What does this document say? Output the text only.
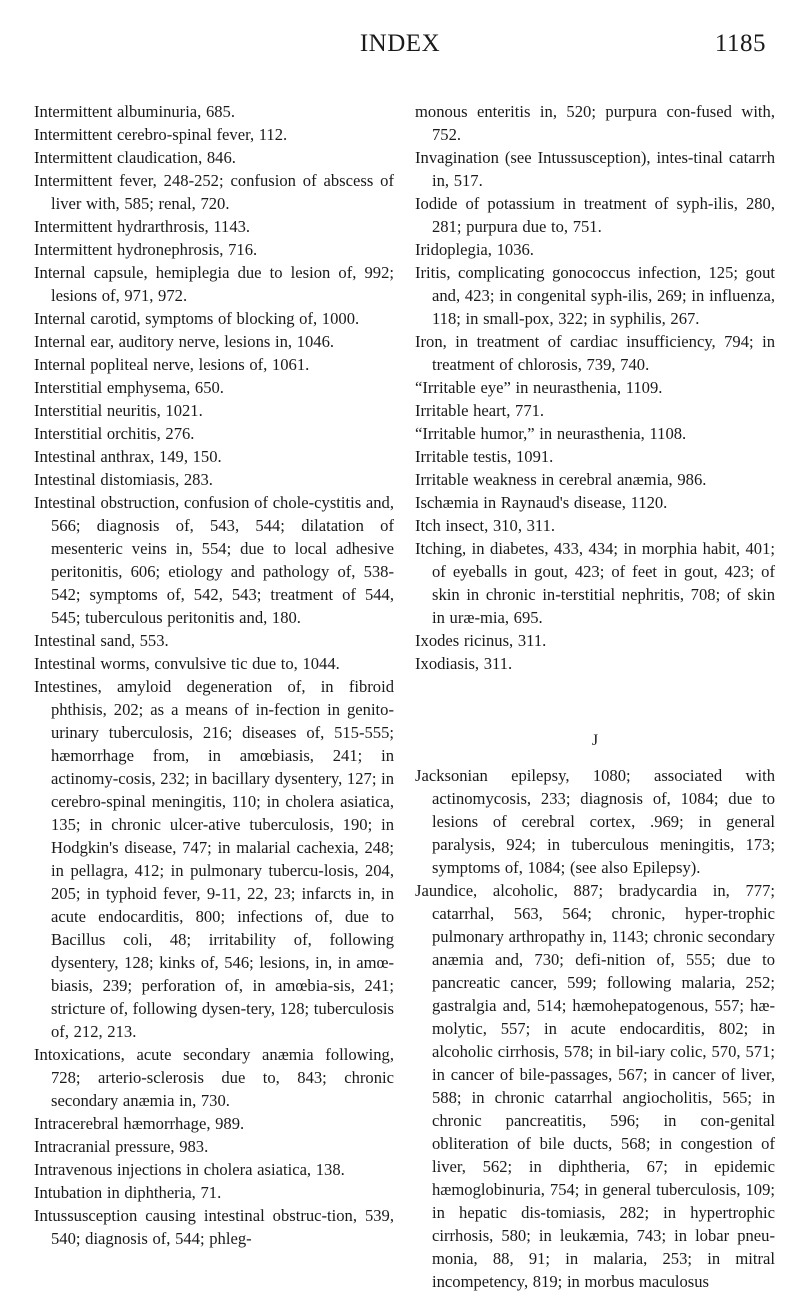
INDEX	1185

Intermittent albuminuria, 685.

Intermittent cerebro-spinal fever, 112.

Intermittent claudication, 846.

Intermittent fever, 248-252; confusion of abscess of liver with, 585; renal, 720.

Intermittent hydrarthrosis, 1143.

Intermittent hydronephrosis, 716.

Internal capsule, hemiplegia due to lesion of, 992; lesions of, 971, 972.

Internal carotid, symptoms of blocking of, 1000.

Internal ear, auditory nerve, lesions in, 1046.

Internal popliteal nerve, lesions of, 1061.

Interstitial emphysema, 650.

Interstitial neuritis, 1021.

Interstitial orchitis, 276.

Intestinal anthrax, 149, 150.

Intestinal distomiasis, 283.

Intestinal obstruction, confusion of chole-cystitis and, 566; diagnosis of, 543, 544; dilatation of mesenteric veins in, 554; due to local adhesive peritonitis, 606; etiology and pathology of, 538-542; symptoms of, 542, 543; treatment of 544, 545; tuberculous peritonitis and, 180.

Intestinal sand, 553.

Intestinal worms, convulsive tic due to, 1044.

Intestines, amyloid degeneration of, in fibroid phthisis, 202; as a means of in-fection in genito-urinary tuberculosis, 216; diseases of, 515-555; hæmorrhage from, in amœbiasis, 241; in actinomy-cosis, 232; in bacillary dysentery, 127; in cerebro-spinal meningitis, 110; in cholera asiatica, 135; in chronic ulcer-ative tuberculosis, 190; in Hodgkin's disease, 747; in malarial cachexia, 248; in pellagra, 412; in pulmonary tubercu-losis, 204, 205; in typhoid fever, 9-11, 22, 23; infarcts in, in acute endocarditis, 800; infections of, due to Bacillus coli, 48; irritability of, following dysentery, 128; kinks of, 546; lesions, in, in amœ-biasis, 239; perforation of, in amœbia-sis, 241; stricture of, following dysen-tery, 128; tuberculosis of, 212, 213.

Intoxications, acute secondary anæmia following, 728; arterio-sclerosis due to, 843; chronic secondary anæmia in, 730.

Intracerebral hæmorrhage, 989.

Intracranial pressure, 983.

Intravenous injections in cholera asiatica, 138.

Intubation in diphtheria, 71.

Intussusception causing intestinal obstruc-tion, 539, 540; diagnosis of, 544; phleg-

monous enteritis in, 520; purpura con-fused with, 752.

Invagination (see Intussusception), intes-tinal catarrh in, 517.

Iodide of potassium in treatment of syph-ilis, 280, 281; purpura due to, 751.

Iridoplegia, 1036.

Iritis, complicating gonococcus infection, 125; gout and, 423; in congenital syph-ilis, 269; in influenza, 118; in small-pox, 322; in syphilis, 267.

Iron, in treatment of cardiac insufficiency, 794; in treatment of chlorosis, 739, 740.

“Irritable eye” in neurasthenia, 1109.

Irritable heart, 771.

“Irritable humor,” in neurasthenia, 1108.

Irritable testis, 1091.

Irritable weakness in cerebral anæmia, 986.

Ischæmia in Raynaud's disease, 1120.

Itch insect, 310, 311.

Itching, in diabetes, 433, 434; in morphia habit, 401; of eyeballs in gout, 423; of feet in gout, 423; of skin in chronic in-terstitial nephritis, 708; of skin in uræ-mia, 695.

Ixodes ricinus, 311.

Ixodiasis, 311.

J

Jacksonian epilepsy, 1080; associated with actinomycosis, 233; diagnosis of, 1084; due to lesions of cerebral cortex, .969; in general paralysis, 924; in tuberculous meningitis, 173; symptoms of, 1084; (see also Epilepsy).

Jaundice, alcoholic, 887; bradycardia in, 777; catarrhal, 563, 564; chronic, hyper-trophic pulmonary arthropathy in, 1143; chronic secondary anæmia and, 730; defi-nition of, 555; due to pancreatic cancer, 599; following malaria, 252; gastralgia and, 514; hæmohepatogenous, 557; hæ-molytic, 557; in acute endocarditis, 802; in alcoholic cirrhosis, 578; in bil-iary colic, 570, 571; in cancer of bile-passages, 567; in cancer of liver, 588; in chronic catarrhal angiocholitis, 565; in chronic pancreatitis, 596; in con-genital obliteration of bile ducts, 568; in congestion of liver, 562; in diphtheria, 67; in epidemic hæmoglobinuria, 754; in general tuberculosis, 109; in hepatic dis-tomiasis, 282; in hypertrophic cirrhosis, 580; in leukæmia, 743; in lobar pneu-monia, 88, 91; in malaria, 253; in mitral incompetency, 819; in morbus maculosus
